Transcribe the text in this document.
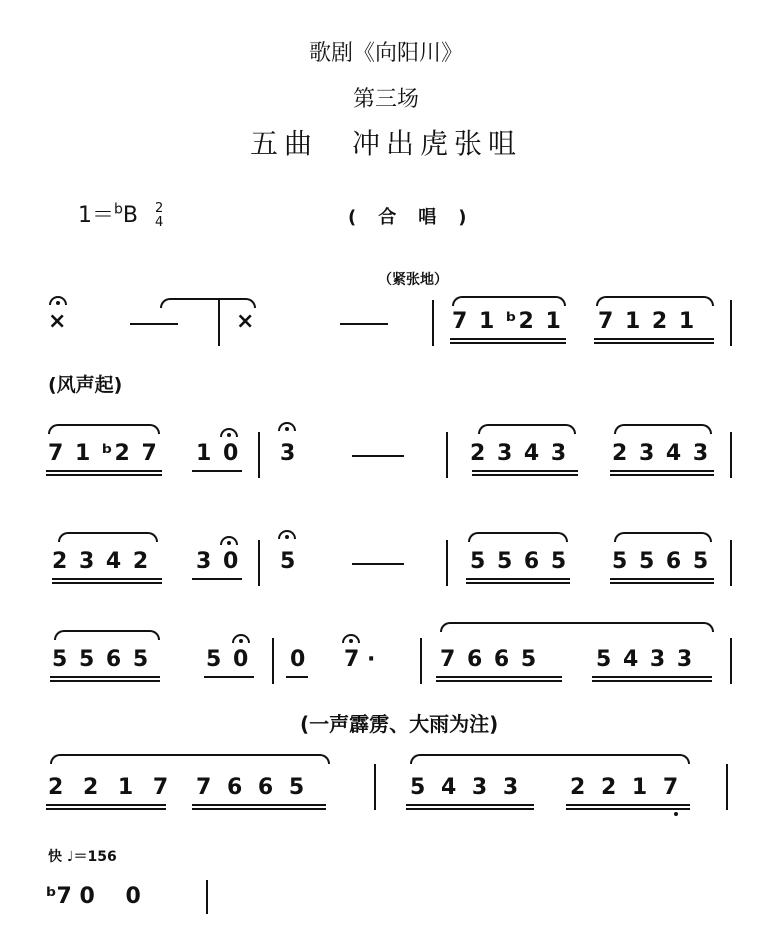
歌剧《向阳川》
第三场
五曲　冲出虎张咀
1＝$^b$B 2
4	(合唱)
（紧张地）
(风声起)
(一声霹雳、大雨为注)
快 ♩＝156
×	×	7 1 ᵇ2 1 7 1 2 1
7 1 ᵇ2 7 1 0 3	2 3 4 3 2 3 4 3
2 3 4 2 3 0 5	5 5 6 5 5 5 6 5
5 5 6 5	5 0 0 7 ·	7 6 6 5	5 4 3 3
2 2 1 7 7 6 6 5	5 4 3 3 2 2 1 7
ᵇ7 0    0
